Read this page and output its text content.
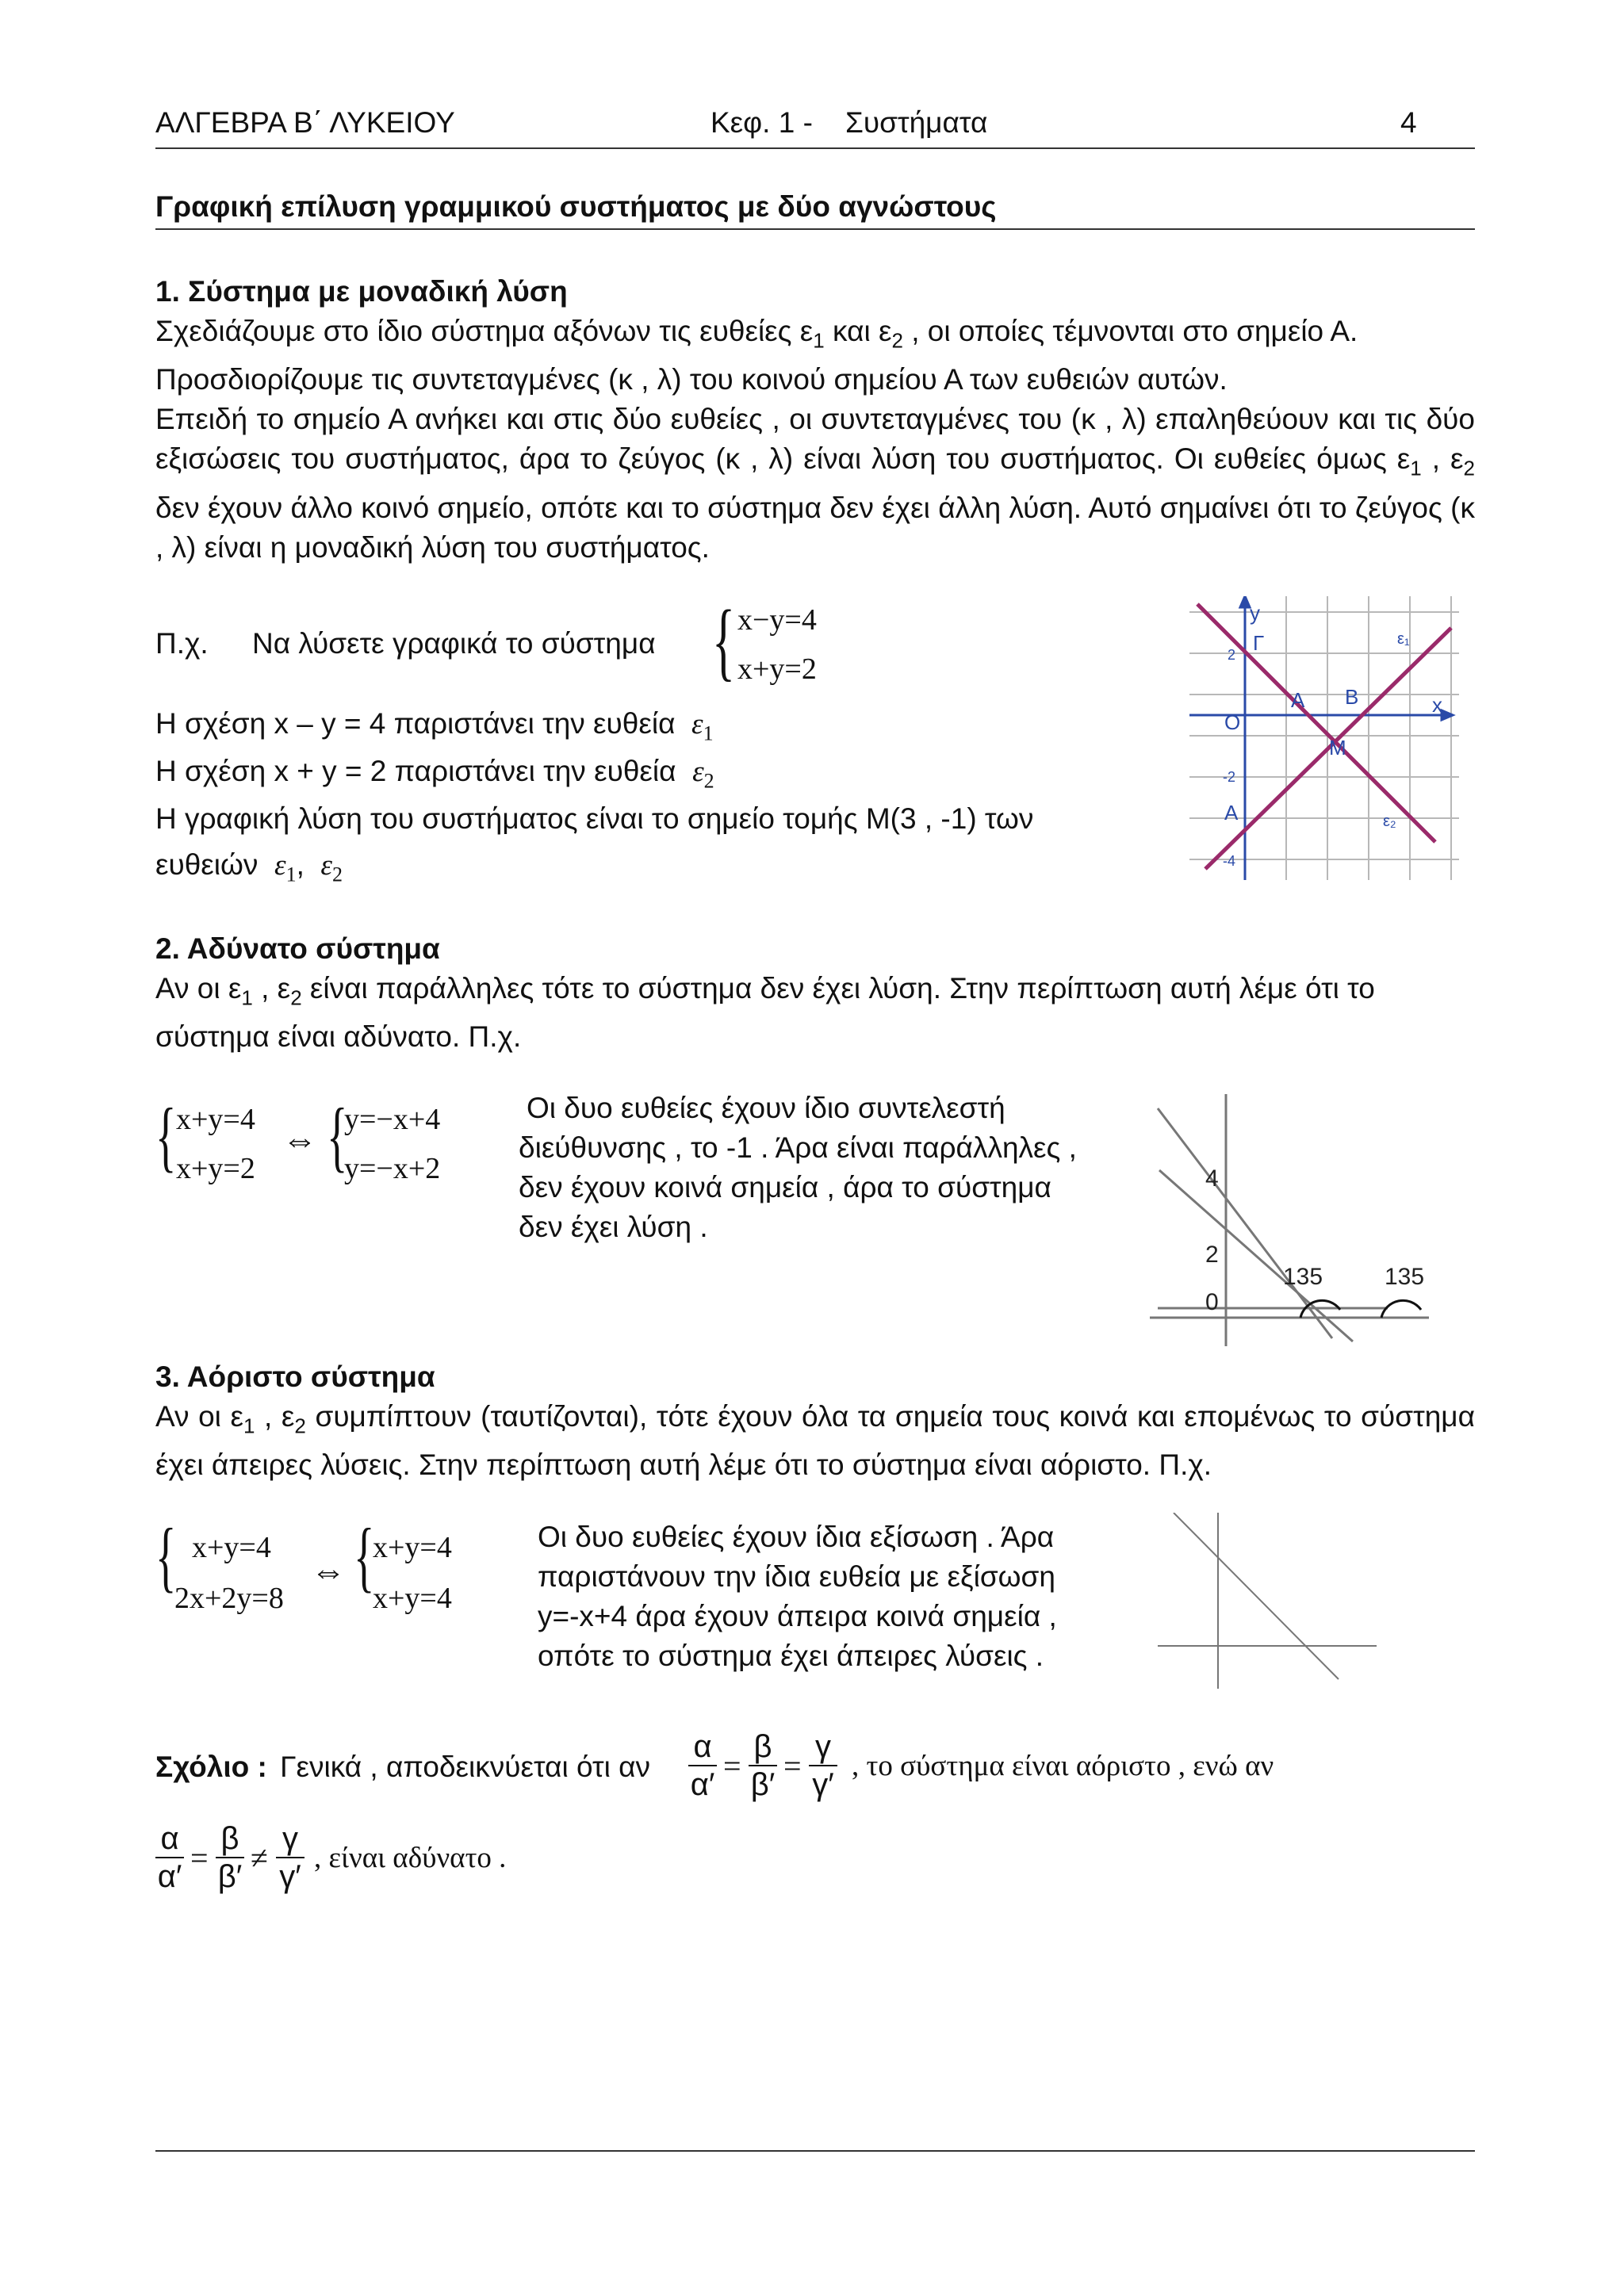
ΑΛΓΕΒΡΑ Β΄ ΛΥΚΕΙΟΥ	Κεφ. 1 -    Συστήματα	4
Γραφική επίλυση γραμμικού συστήματος με δύο αγνώστους
1. Σύστημα με μοναδική λύση

Σχεδιάζουμε στο ίδιο σύστημα αξόνων τις ευθείες $\varepsilon_1$ και $\varepsilon_2$ , οι οποίες τέμνονται στο σημείο Α.

Προσδιορίζουμε τις συντεταγμένες (κ , λ) του κοινού σημείου Α των ευθειών αυτών.

Επειδή το σημείο Α ανήκει και στις δύο ευθείες , οι συντεταγμένες του (κ , λ) επαληθεύουν και τις δύο εξισώσεις του συστήματος, άρα το ζεύγος (κ , λ) είναι λύση του συστήματος. Οι ευθείες όμως $\varepsilon_1$ , $\varepsilon_2$ δεν έχουν άλλο κοινό σημείο, οπότε και το σύστημα δεν έχει άλλη λύση. Αυτό σημαίνει ότι το ζεύγος (κ , λ) είναι η μοναδική λύση του συστήματος.

Π.χ. Να λύσετε γραφικά το σύστημα { x−y=4
x+y=2
Η σχέση x – y = 4 παριστάνει την ευθεία $\varepsilon_1$
Η σχέση x + y = 2 παριστάνει την ευθεία $\varepsilon_2$
Η γραφική λύση του συστήματος είναι το σημείο τομής Μ(3 , -1) των
ευθειών $\varepsilon_1$, $\varepsilon_2$
y
x
O
Γ
Α Β
M
Α
ε₁
ε₂
2
-2
-4
2. Αδύνατο σύστημα

Αν οι $\varepsilon_1$ , $\varepsilon_2$ είναι παράλληλες τότε το σύστημα δεν έχει λύση. Στην περίπτωση αυτή λέμε ότι το σύστημα είναι αδύνατο. Π.χ.

{ x+y=4
x+y=2
⇔ {
y=−x+4
y=−x+2
Οι δυο ευθείες έχουν ίδιο συντελεστή
διεύθυνσης , το -1 . Άρα είναι παράλληλες ,
δεν έχουν κοινά σημεία , άρα το σύστημα
δεν έχει λύση .
4
2
0
135	135
3. Αόριστο σύστημα

Αν οι $\varepsilon_1$ , $\varepsilon_2$ συμπίπτουν (ταυτίζονται), τότε έχουν όλα τα σημεία τους κοινά και επομένως το σύστημα έχει άπειρες λύσεις. Στην περίπτωση αυτή λέμε ότι το σύστημα είναι αόριστο. Π.χ.

{ x+y=4
2x+2y=8
⇔ {
x+y=4
x+y=4
Οι δυο ευθείες έχουν ίδια εξίσωση . Άρα
παριστάνουν την ίδια ευθεία με εξίσωση
y=-x+4 άρα έχουν άπειρα κοινά σημεία ,
οπότε το σύστημα έχει άπειρες λύσεις .
Σχόλιο : Γενικά , αποδεικνύεται ότι αν
α
α′
=
β
β′
=
γ
γ′
, το σύστημα είναι αόριστο , ενώ αν
α
α′
=
β
β′
≠
γ
γ′
, είναι αδύνατο .
